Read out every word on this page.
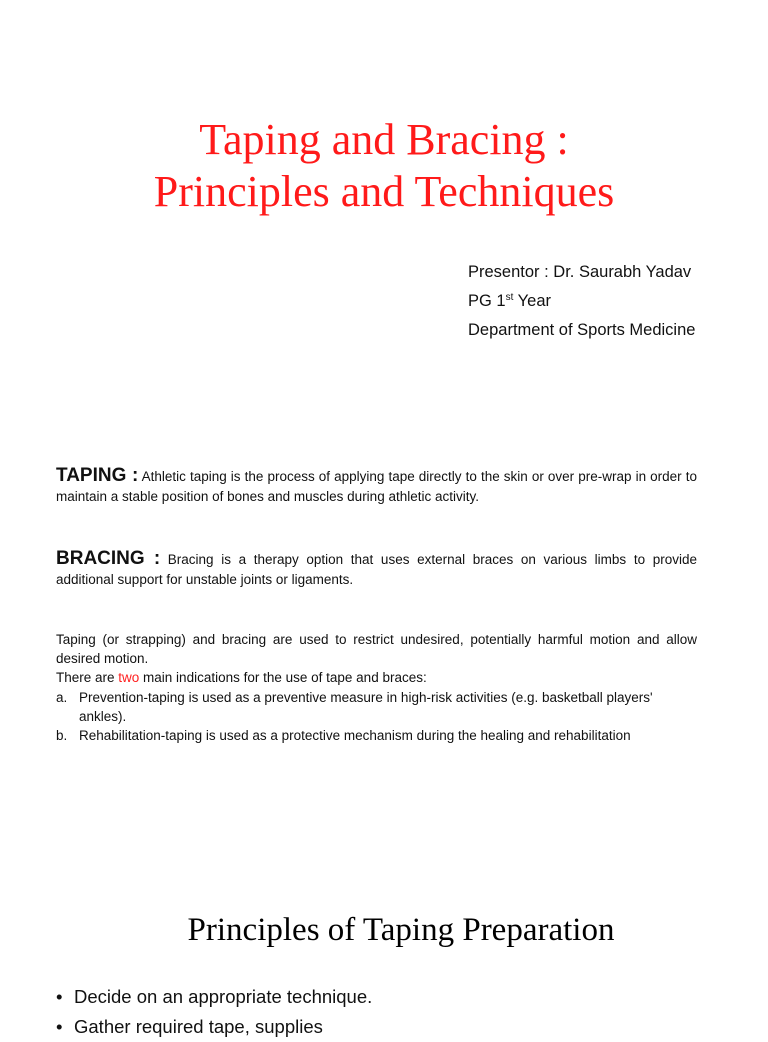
Taping and Bracing :
Principles and Techniques
Presentor : Dr. Saurabh Yadav
PG 1st Year
Department of Sports Medicine
TAPING : Athletic taping is the process of applying tape directly to the skin or over pre-wrap in order to maintain a stable position of bones and muscles during athletic activity.
BRACING : Bracing is a therapy option that uses external braces on various limbs to provide additional support for unstable joints or ligaments.

Taping (or strapping) and bracing are used to restrict undesired, potentially harmful motion and allow desired motion.

There are two main indications for the use of tape and braces:

a. Prevention-taping is used as a preventive measure in high-risk activities (e.g. basketball players' ankles).
b. Rehabilitation-taping is used as a protective mechanism during the healing and rehabilitation
Principles of Taping Preparation
• Decide on an appropriate technique.
• Gather required tape, supplies
